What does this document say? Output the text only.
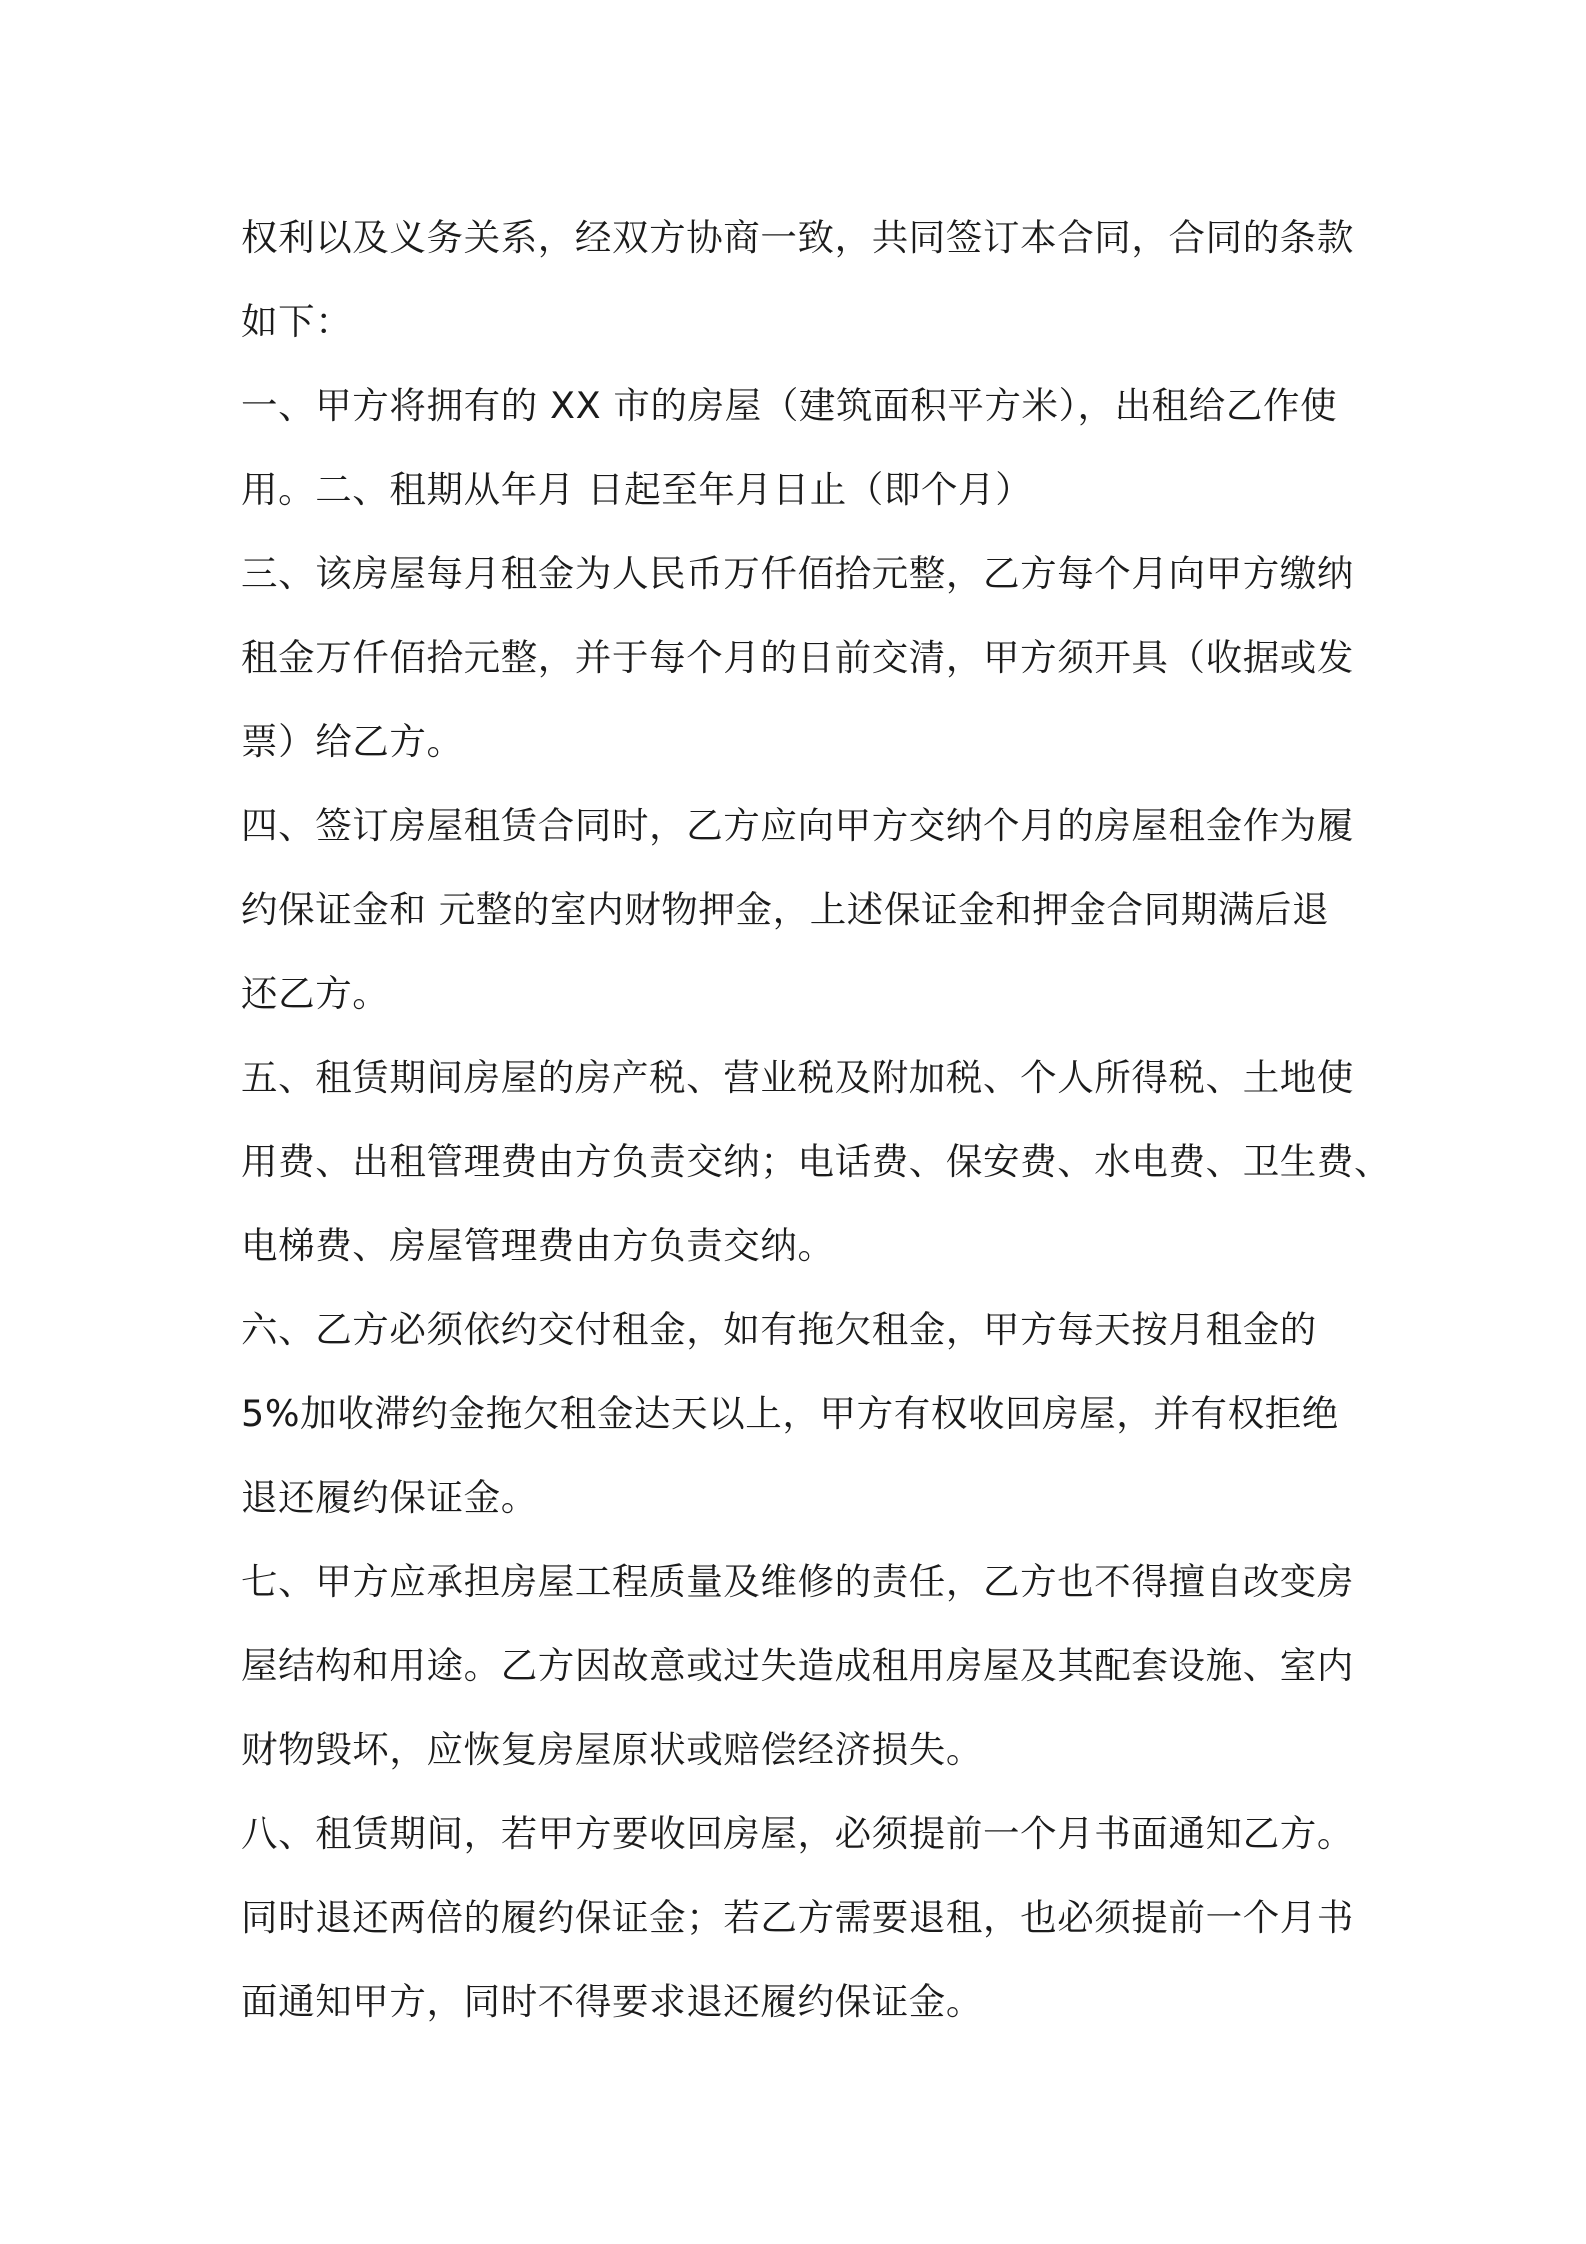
权利以及义务关系，经双方协商一致，共同签订本合同，合同的条款
如下：
一、甲方将拥有的 XX 市的房屋（建筑面积平方米），出租给乙作使
用。二、租期从年月 日起至年月日止（即个月）
三、该房屋每月租金为人民币万仟佰拾元整，乙方每个月向甲方缴纳
租金万仟佰拾元整，并于每个月的日前交清，甲方须开具（收据或发
票）给乙方。
四、签订房屋租赁合同时，乙方应向甲方交纳个月的房屋租金作为履
约保证金和 元整的室内财物押金，上述保证金和押金合同期满后退
还乙方。
五、租赁期间房屋的房产税、营业税及附加税、个人所得税、土地使
用费、出租管理费由方负责交纳；电话费、保安费、水电费、卫生费、
电梯费、房屋管理费由方负责交纳。
六、乙方必须依约交付租金，如有拖欠租金，甲方每天按月租金的
5%加收滞约金拖欠租金达天以上，甲方有权收回房屋，并有权拒绝
退还履约保证金。
七、甲方应承担房屋工程质量及维修的责任，乙方也不得擅自改变房
屋结构和用途。乙方因故意或过失造成租用房屋及其配套设施、室内
财物毁坏，应恢复房屋原状或赔偿经济损失。
八、租赁期间，若甲方要收回房屋，必须提前一个月书面通知乙方。
同时退还两倍的履约保证金；若乙方需要退租，也必须提前一个月书
面通知甲方，同时不得要求退还履约保证金。
